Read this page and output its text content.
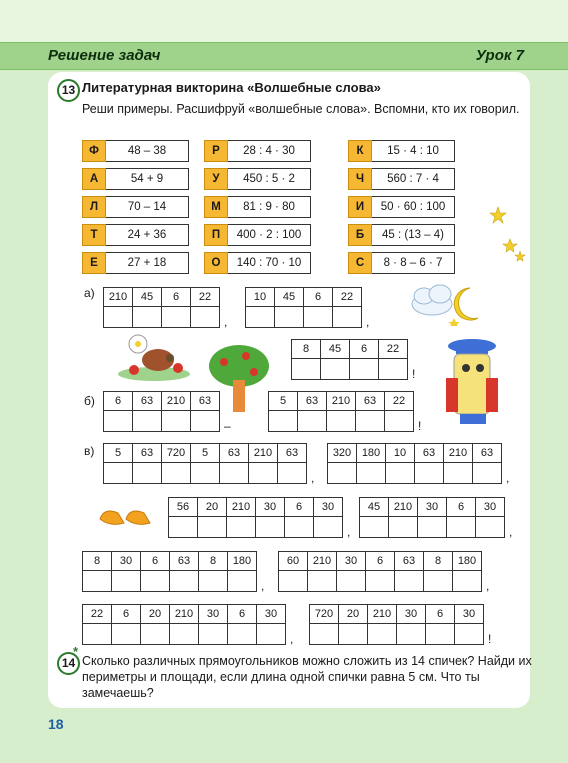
Решение задач	Урок 7
13 Литературная викторина «Волшебные слова»
Реши примеры. Расшифруй «волшебные слова». Вспомни, кто их говорил.
Ф	48 – 38	Р	28 : 4 · 30	К	15 · 4 : 10
А	54 + 9	У	450 : 5 · 2	Ч	560 : 7 · 4
Л	70 – 14	М	81 : 9 · 80	И	50 · 60 : 100
Т	24 + 36	П	400 · 2 : 100	Б	45 : (13 – 4)
Е	27 + 18	О	140 : 70 · 10	С	8 · 8 – 6 · 7
а)
б)
в)
210	45	6	22

,
10	45	6	22

,
8	45	6	22

!
6	63	210	63

–
5	63	210	63	22

!
5	63	720	5	63	210	63

,
320	180	10	63	210	63

,
56	20	210	30	6	30

,
45	210	30	6	30

,
8	30	6	63	8	180

,
60	210	30	6	63	8	180

,
22	6	20	210	30	6	30

,
720	20	210	30	6	30

!
14
*
Сколько различных прямоугольников можно сложить из 14 спичек? Найди их периметры и площади, если длина одной спички равна 5 см. Что ты замечаешь?
18
